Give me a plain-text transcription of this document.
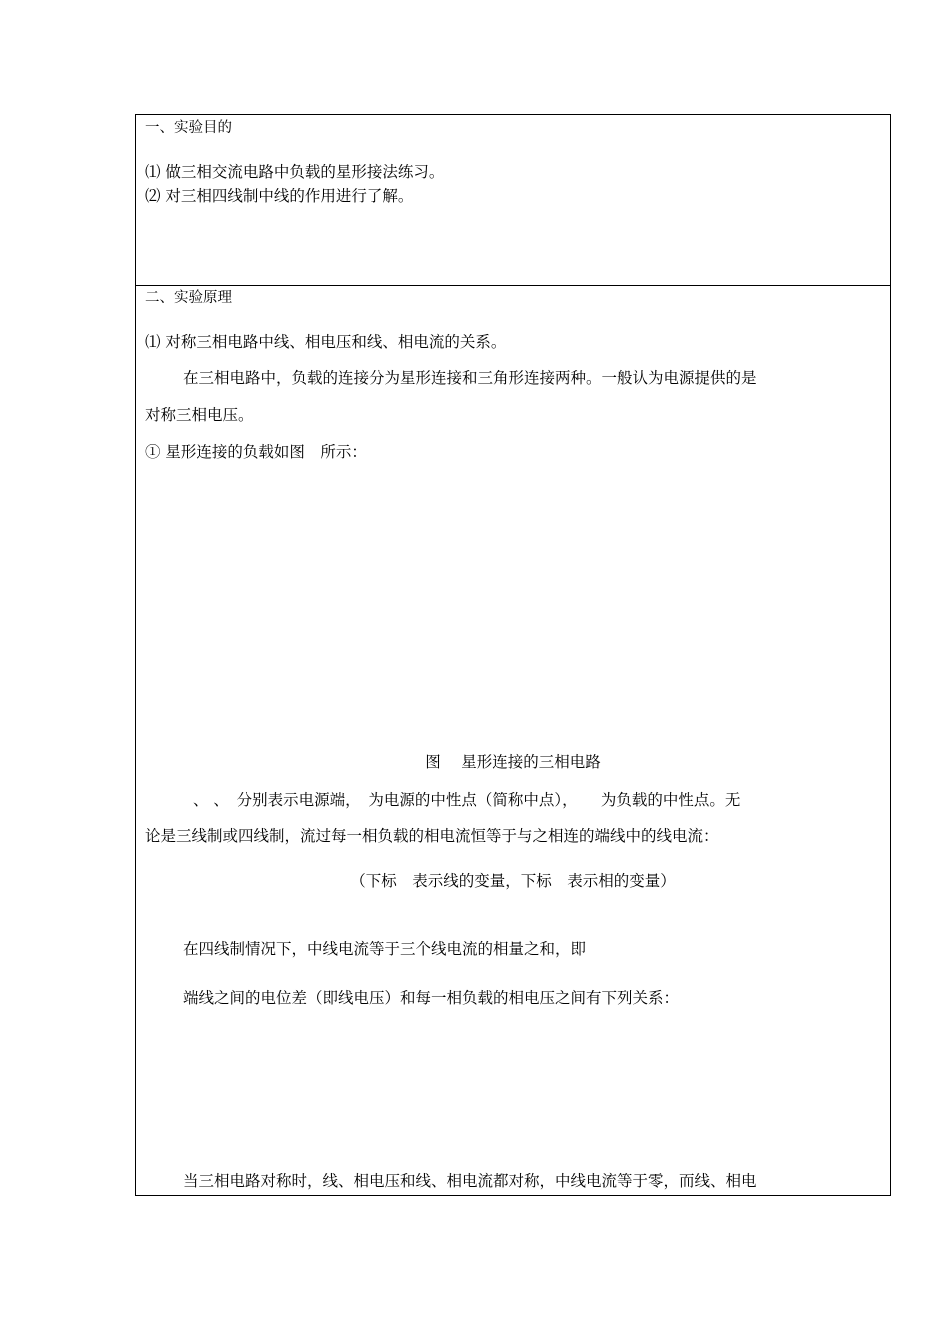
一、实验目的
⑴ 做三相交流电路中负载的星形接法练习。
⑵ 对三相四线制中线的作用进行了解。
二、实验原理
⑴ 对称三相电路中线、相电压和线、相电流的关系。
在三相电路中，负载的连接分为星形连接和三角形连接两种。一般认为电源提供的是
对称三相电压。
① 星形连接的负载如图　所示：
图　 星形连接的三相电路
、 、　分别表示电源端，　为电源的中性点（简称中点），　　为负载的中性点。无
论是三线制或四线制，流过每一相负载的相电流恒等于与之相连的端线中的线电流：
（下标　表示线的变量，下标　表示相的变量）
在四线制情况下，中线电流等于三个线电流的相量之和，即
端线之间的电位差（即线电压）和每一相负载的相电压之间有下列关系：
当三相电路对称时，线、相电压和线、相电流都对称，中线电流等于零，而线、相电
